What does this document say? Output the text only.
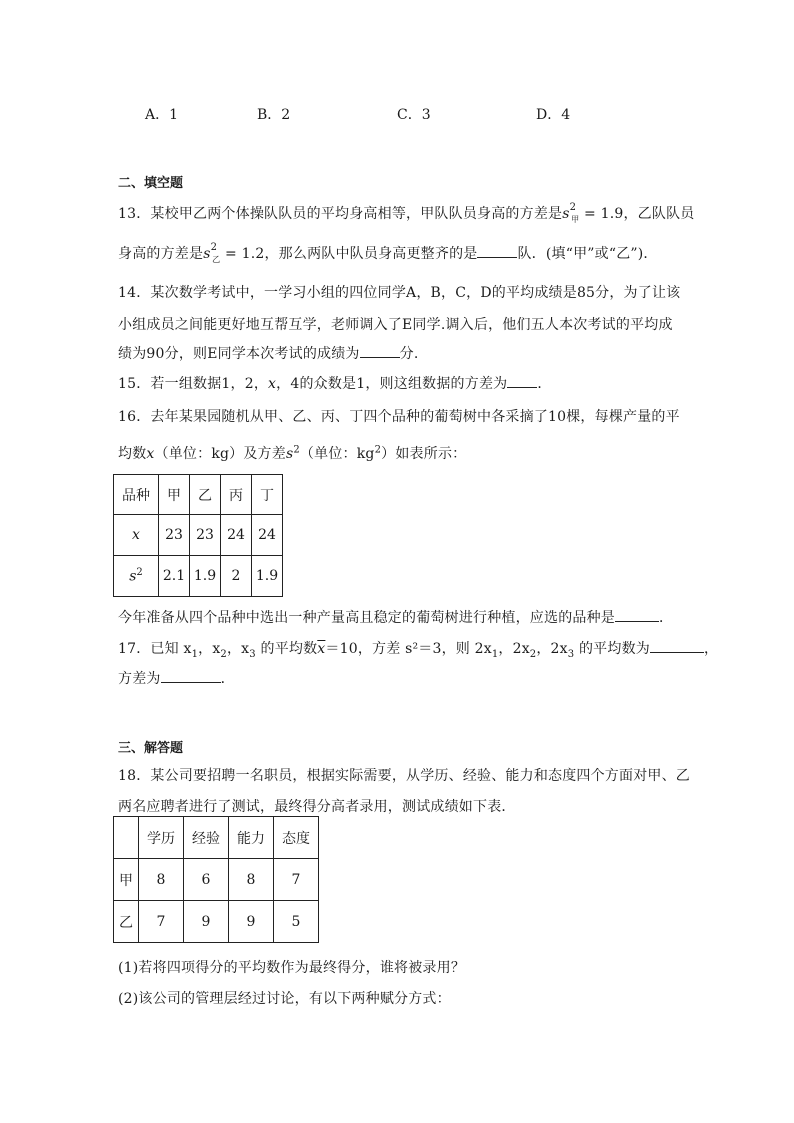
A．1	B．2	C．3	D．4
二、填空题
13．某校甲乙两个体操队队员的平均身高相等，甲队队员身高的方差是$s^2_甲 = 1.9$，乙队队员
身高的方差是$s^2_乙 = 1.2$，那么两队中队员身高更整齐的是	队．(填“甲”或“乙”)．
14．某次数学考试中，一学习小组的四位同学A，B，C，D的平均成绩是85分，为了让该
小组成员之间能更好地互帮互学，老师调入了E同学.调入后，他们五人本次考试的平均成
绩为90分，则E同学本次考试的成绩为	分.
15．若一组数据1，2，x，4的众数是1，则这组数据的方差为 ．
16．去年某果园随机从甲、乙、丙、丁四个品种的葡萄树中各采摘了10棵，每棵产量的平
均数x（单位：kg）及方差$s^2$（单位：$kg^2$）如表所示：
品种	甲	乙	丙	丁
x	23	23	24	24
$s^2$	2.1	1.9	2	1.9
今年准备从四个品种中选出一种产量高且稳定的葡萄树进行种植，应选的品种是	．
17．已知 $x_1$，$x_2$，$x_3$ 的平均数$\overline{x}=10$，方差 s²＝3，则 $2x_1$，$2x_2$，$2x_3$ 的平均数为	，
方差为	．
三、解答题
18．某公司要招聘一名职员，根据实际需要，从学历、经验、能力和态度四个方面对甲、乙
两名应聘者进行了测试，最终得分高者录用，测试成绩如下表．
	学历	经验	能力	态度
甲	8	6	8	7
乙	7	9	9	5
(1)若将四项得分的平均数作为最终得分，谁将被录用？
(2)该公司的管理层经过讨论，有以下两种赋分方式：
